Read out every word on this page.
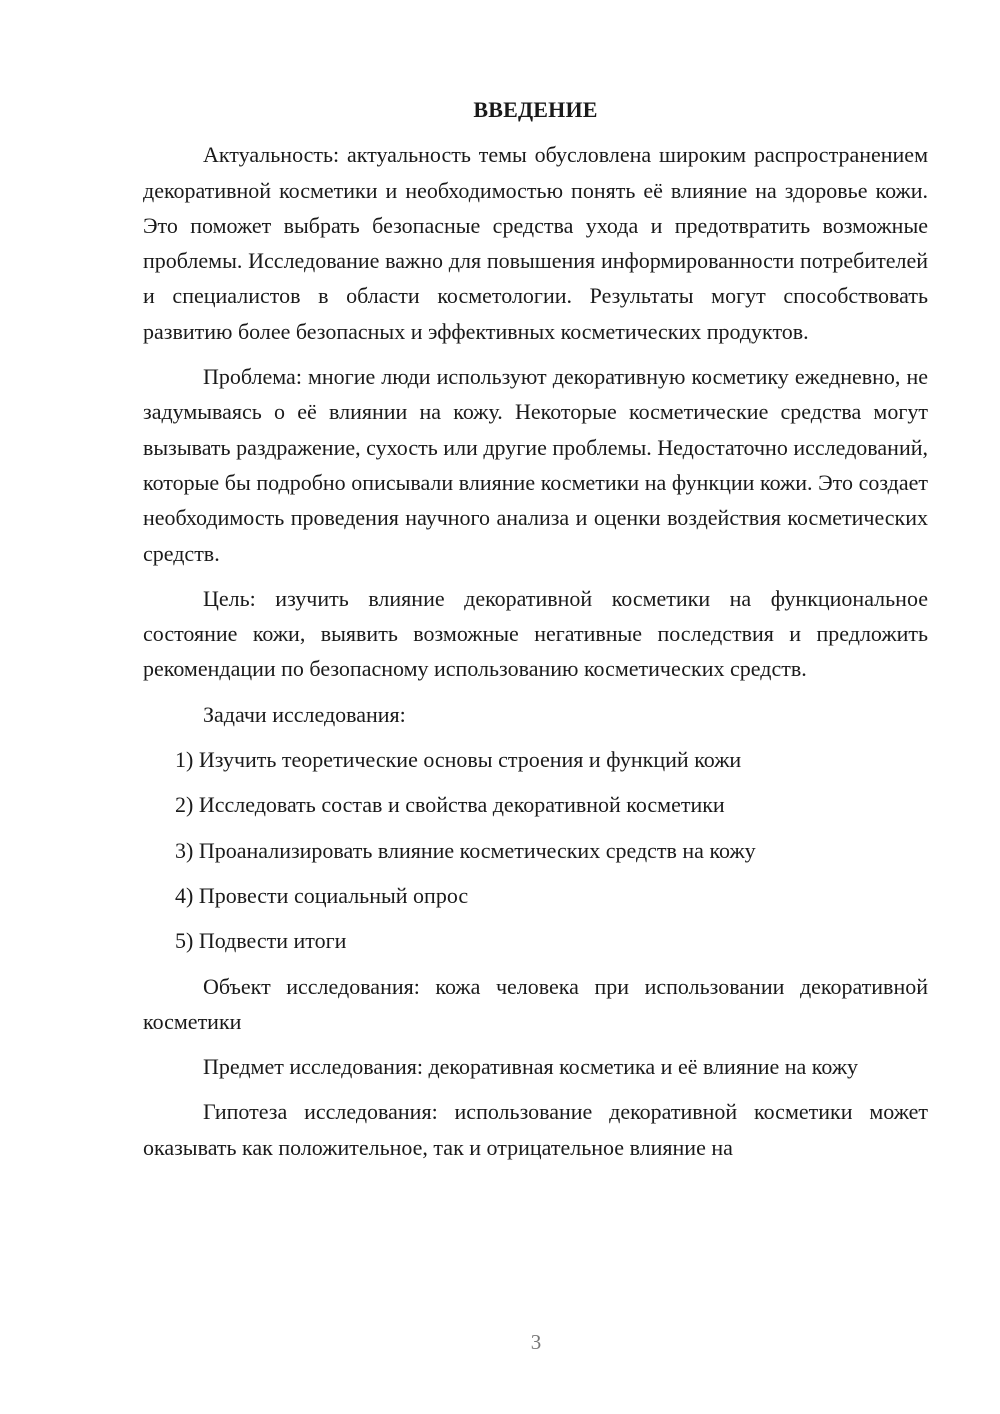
ВВЕДЕНИЕ

Актуальность: актуальность темы обусловлена широким распространением декоративной косметики и необходимостью понять её влияние на здоровье кожи. Это поможет выбрать безопасные средства ухода и предотвратить возможные проблемы. Исследование важно для повышения информированности потребителей и специалистов в области косметологии. Результаты могут способствовать развитию более безопасных и эффективных косметических продуктов.

Проблема: многие люди используют декоративную косметику ежедневно, не задумываясь о её влиянии на кожу. Некоторые косметические средства могут вызывать раздражение, сухость или другие проблемы. Недостаточно исследований, которые бы подробно описывали влияние косметики на функции кожи. Это создает необходимость проведения научного анализа и оценки воздействия косметических средств.

Цель: изучить влияние декоративной косметики на функциональное состояние кожи, выявить возможные негативные последствия и предложить рекомендации по безопасному использованию косметических средств.

Задачи исследования:

1) Изучить теоретические основы строения и функций кожи

2) Исследовать состав и свойства декоративной косметики

3) Проанализировать влияние косметических средств на кожу

4) Провести социальный опрос

5) Подвести итоги

Объект исследования: кожа человека при использовании декоративной косметики

Предмет исследования: декоративная косметика и её влияние на кожу

Гипотеза исследования: использование декоративной косметики может оказывать как положительное, так и отрицательное влияние на

3
